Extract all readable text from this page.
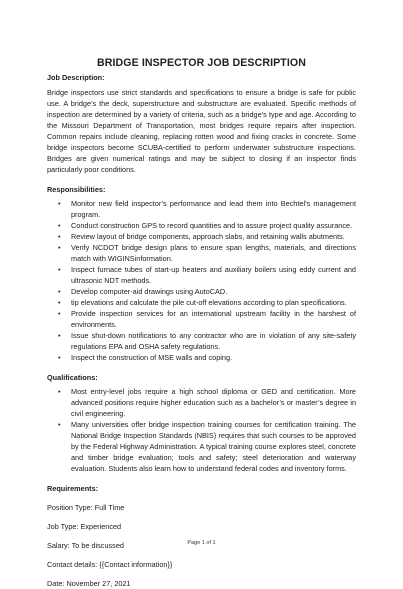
BRIDGE INSPECTOR JOB DESCRIPTION

Job Description:

Bridge inspectors use strict standards and specifications to ensure a bridge is safe for public use. A bridge’s the deck, superstructure and substructure are evaluated. Specific methods of inspection are determined by a variety of criteria, such as a bridge’s type and age. According to the Missouri Department of Transportation, most bridges require repairs after inspection. Common repairs include cleaning, replacing rotten wood and fixing cracks in concrete. Some bridge inspectors become SCUBA-certified to perform underwater substructure inspections. Bridges are given numerical ratings and may be subject to closing if an inspector finds particularly poor conditions.

Responsibilities:

• Monitor new field inspector’s performance and lead them into Bechtel’s management program.
• Conduct construction GPS to record quantities and to assure project quality assurance.
• Review layout of bridge components, approach slabs, and retaining walls abutments.
• Verify NCDOT bridge design plans to ensure span lengths, materials, and directions match with WIGINSinformation.
• Inspect furnace tubes of start-up heaters and auxiliary boilers using eddy current and ultrasonic NDT methods.
• Develop computer-aid drawings using AutoCAD.
• tip elevations and calculate the pile cut-off elevations according to plan specifications.
• Provide inspection services for an international upstream facility in the harshest of environments.
• Issue shut-down notifications to any contractor who are in violation of any site-safety regulations EPA and OSHA safety regulations.
• Inspect the construction of MSE walls and coping.

Qualifications:

• Most entry-level jobs require a high school diploma or GED and certification. More advanced positions require higher education such as a bachelor’s or master’s degree in civil engineering.
• Many universities offer bridge inspection training courses for certification training. The National Bridge Inspection Standards (NBIS) requires that such courses to be approved by the Federal Highway Administration. A typical training course explores steel, concrete and timber bridge evaluation; tools and safety; steel deterioration and waterway evaluation. Students also learn how to understand federal codes and inventory forms.

Requirements:

Position Type: Full Time

Job Type: Experienced

Salary: To be discussed

Contact details: {{Contact information}}

Date: November 27, 2021

Page 1 of 1
